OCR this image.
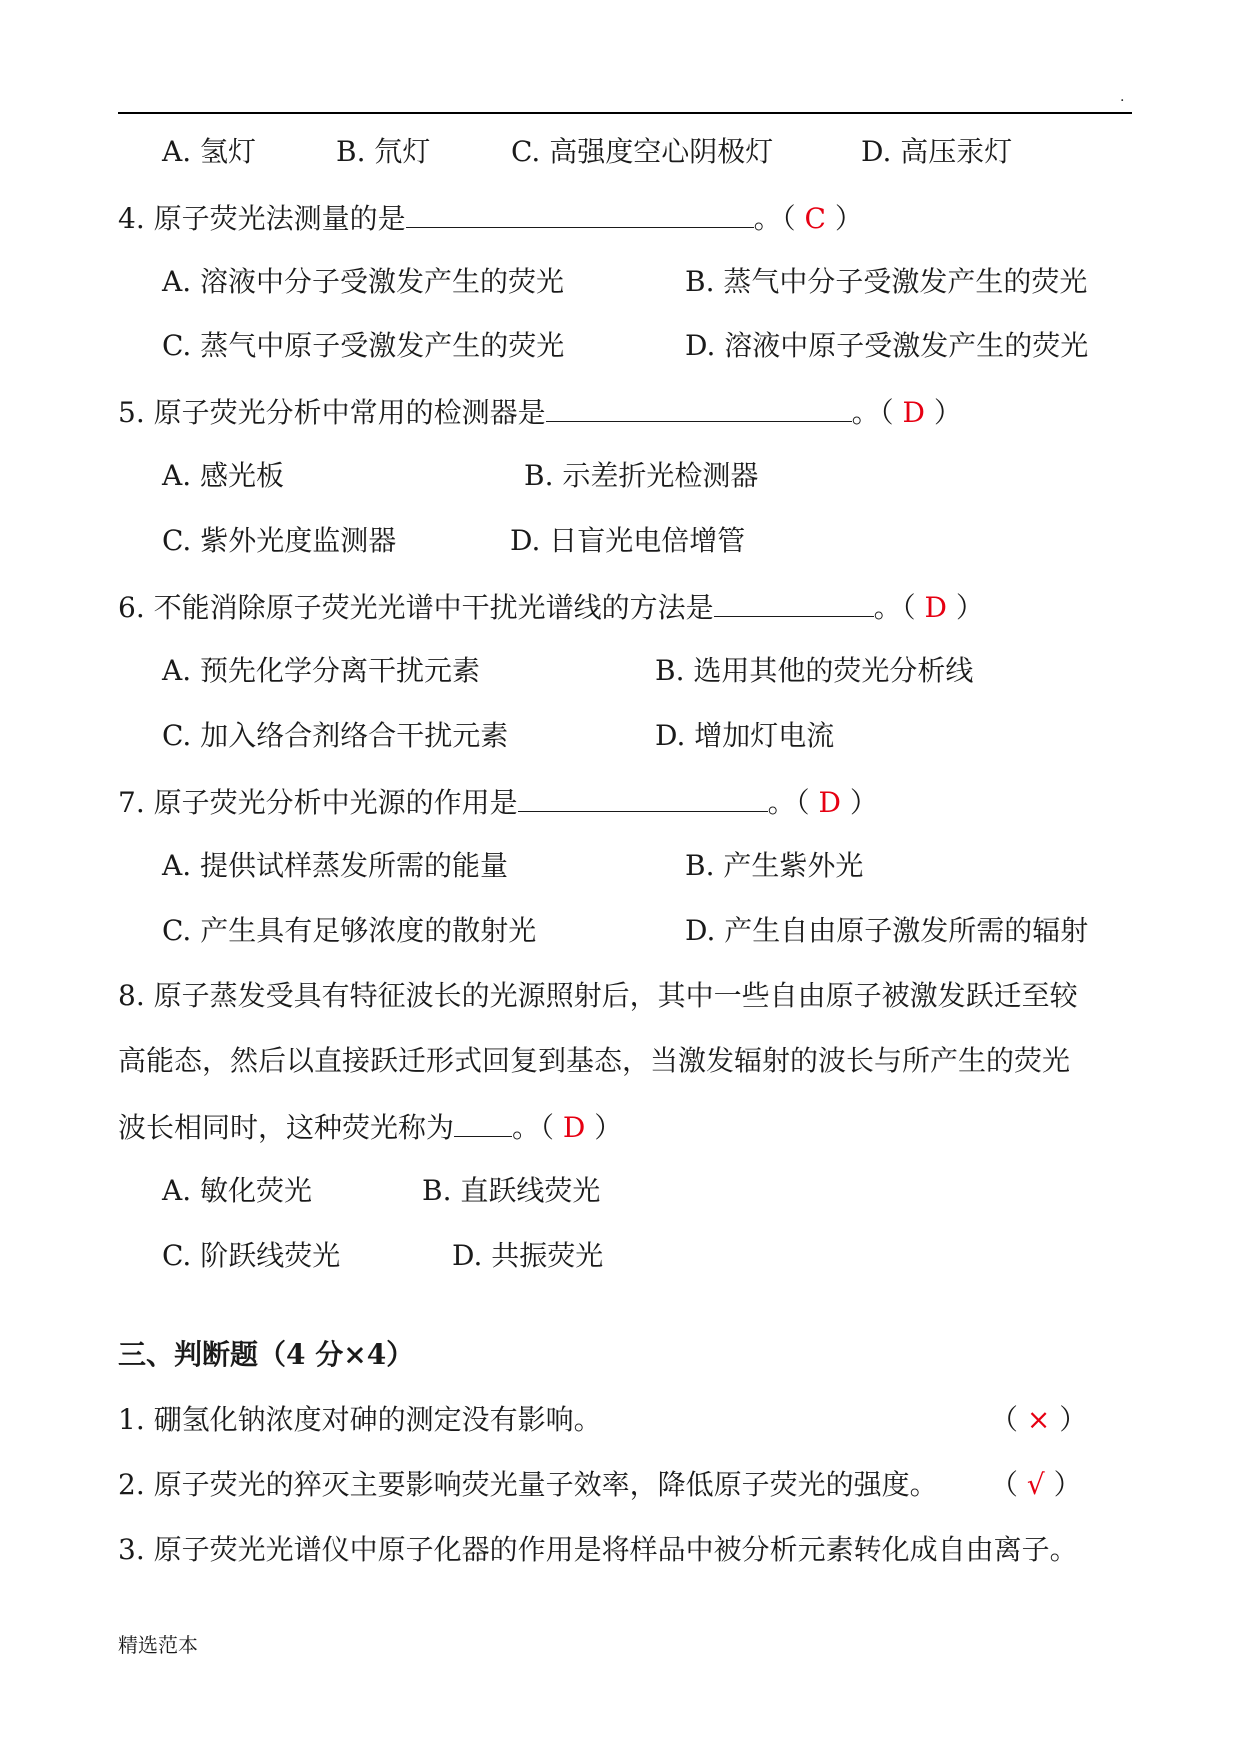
.
A. 氢灯	B. 氘灯	C. 高强度空心阴极灯	D. 高压汞灯
4. 原子荧光法测量的是	。（ C ）
A. 溶液中分子受激发产生的荧光	B. 蒸气中分子受激发产生的荧光
C. 蒸气中原子受激发产生的荧光	D. 溶液中原子受激发产生的荧光
5. 原子荧光分析中常用的检测器是	。（ D ）
A. 感光板	B. 示差折光检测器
C. 紫外光度监测器	D. 日盲光电倍增管
6. 不能消除原子荧光光谱中干扰光谱线的方法是	。（ D ）
A. 预先化学分离干扰元素	B. 选用其他的荧光分析线
C. 加入络合剂络合干扰元素	D. 增加灯电流
7. 原子荧光分析中光源的作用是	。（ D ）
A. 提供试样蒸发所需的能量	B. 产生紫外光
C. 产生具有足够浓度的散射光	D. 产生自由原子激发所需的辐射
8. 原子蒸发受具有特征波长的光源照射后，其中一些自由原子被激发跃迁至较
高能态，然后以直接跃迁形式回复到基态，当激发辐射的波长与所产生的荧光
波长相同时，这种荧光称为 。（ D ）
A. 敏化荧光	B. 直跃线荧光
C. 阶跃线荧光	D. 共振荧光
三、判断题（4 分×4）
1. 硼氢化钠浓度对砷的测定没有影响。	（ × ）
2. 原子荧光的猝灭主要影响荧光量子效率，降低原子荧光的强度。 （ √ ）
3. 原子荧光光谱仪中原子化器的作用是将样品中被分析元素转化成自由离子。
精选范本
